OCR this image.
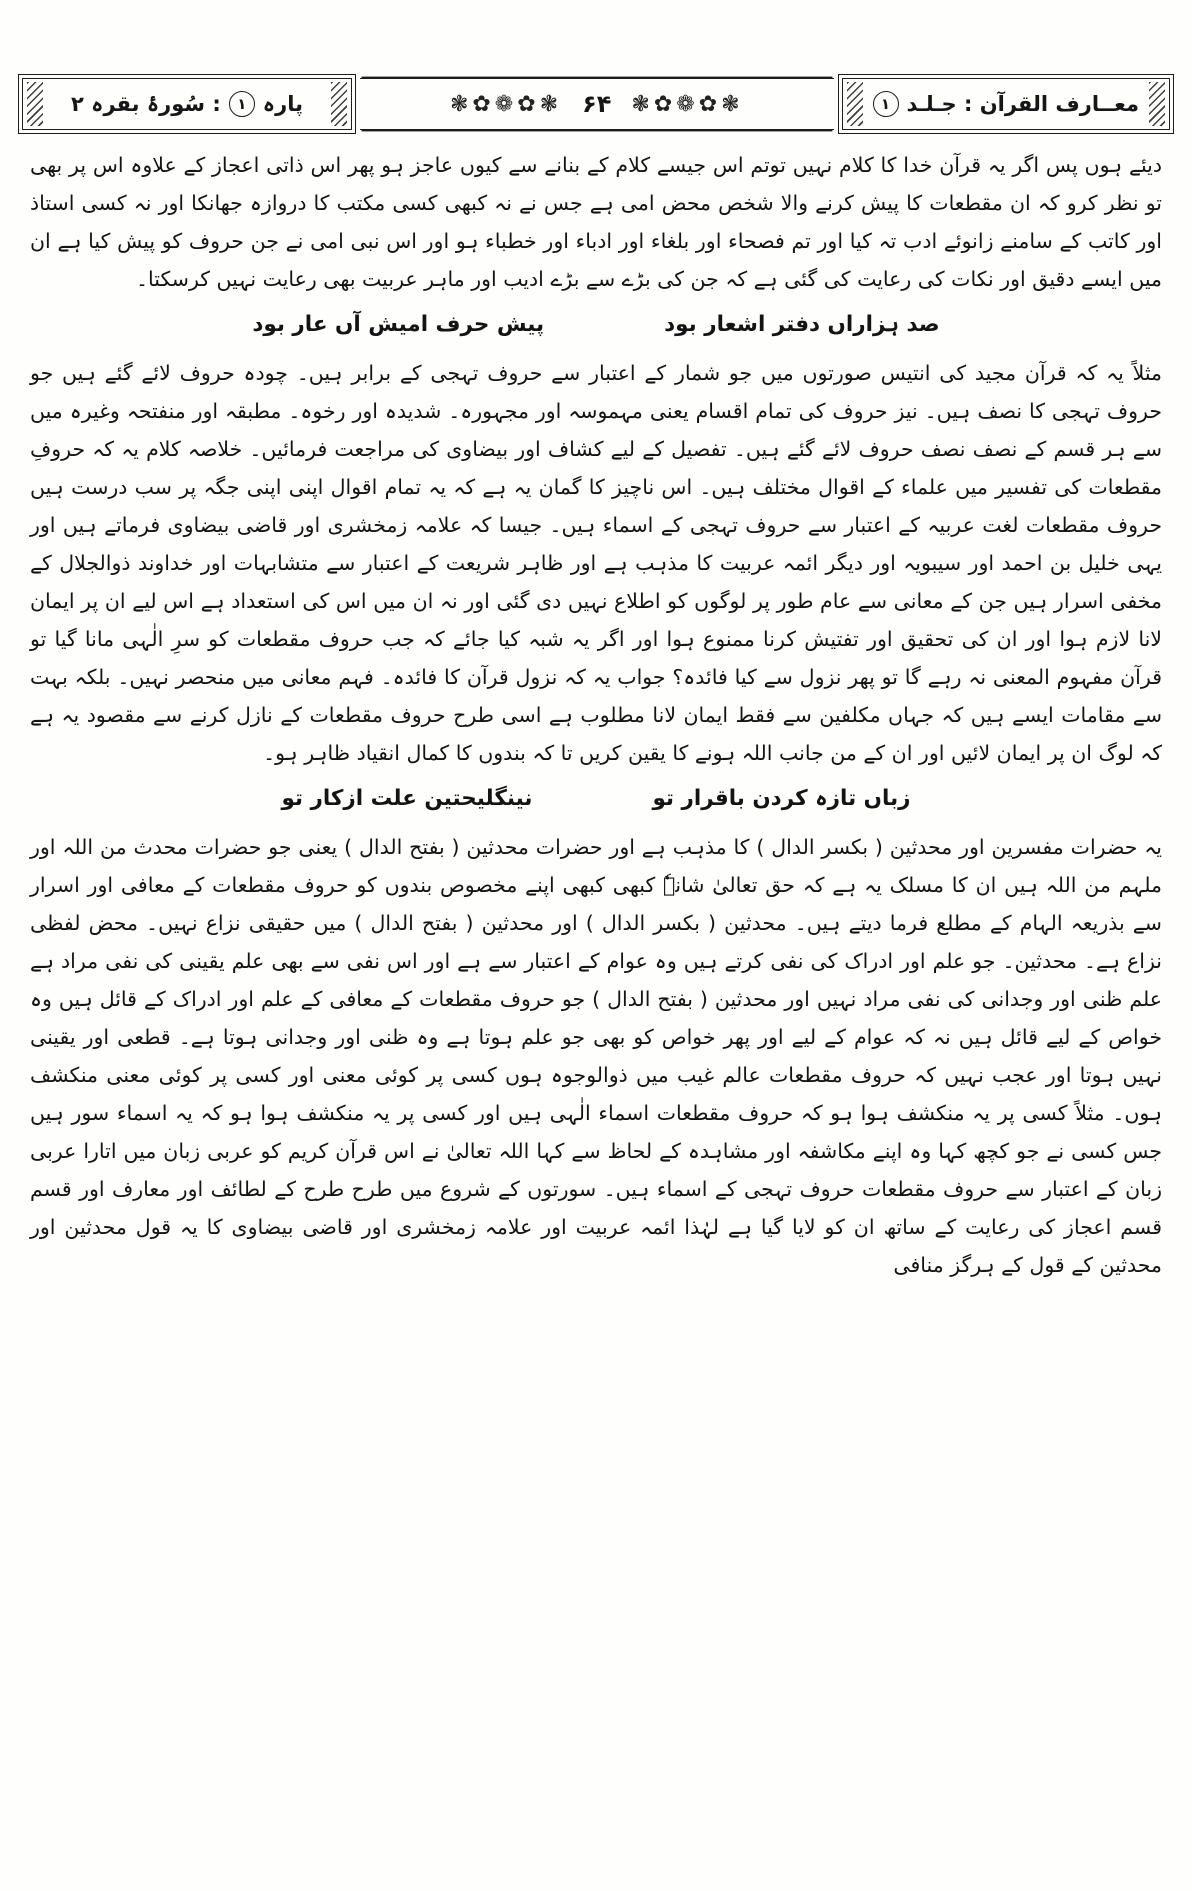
معــارف القرآن : جـلـد
۱
❃✿❁✿❃
۶۴
❃✿❁✿❃
پارہ
۱
: سُورۂ بقرہ ۲

دیئے ہوں پس اگر یہ قرآن خدا کا کلام نہیں توتم اس جیسے کلام کے بنانے سے کیوں عاجز ہو پھر اس ذاتی اعجاز کے علاوہ اس پر بھی تو نظر کرو کہ ان مقطعات کا پیش کرنے والا شخص محض امی ہے جس نے نہ کبھی کسی مکتب کا دروازہ جھانکا اور نہ کسی استاذ اور کاتب کے سامنے زانوئے ادب تہ کیا اور تم فصحاء اور بلغاء اور ادباء اور خطباء ہو اور اس نبی امی نے جن حروف کو پیش کیا ہے ان میں ایسے دقیق اور نکات کی رعایت کی گئی ہے کہ جن کی بڑے سے بڑے ادیب اور ماہر عربیت بھی رعایت نہیں کرسکتا۔

صد ہزاراں دفتر اشعار بود
پیش حرف امیش آں عار بود

مثلاً یہ کہ قرآن مجید کی انتیس صورتوں میں جو شمار کے اعتبار سے حروف تہجی کے برابر ہیں۔ چودہ حروف لائے گئے ہیں جو حروف تہجی کا نصف ہیں۔ نیز حروف کی تمام اقسام یعنی مہموسہ اور مجہورہ۔ شدیدہ اور رخوہ۔ مطبقہ اور منفتحہ وغیرہ میں سے ہر قسم کے نصف نصف حروف لائے گئے ہیں۔ تفصیل کے لیے کشاف اور بیضاوی کی مراجعت فرمائیں۔ خلاصہ کلام یہ کہ حروفِ مقطعات کی تفسیر میں علماء کے اقوال مختلف ہیں۔ اس ناچیز کا گمان یہ ہے کہ یہ تمام اقوال اپنی اپنی جگہ پر سب درست ہیں حروف مقطعات لغت عربیہ کے اعتبار سے حروف تہجی کے اسماء ہیں۔ جیسا کہ علامہ زمخشری اور قاضی بیضاوی فرماتے ہیں اور یہی خلیل بن احمد اور سیبویہ اور دیگر ائمہ عربیت کا مذہب ہے اور ظاہر شریعت کے اعتبار سے متشابہات اور خداوند ذوالجلال کے مخفی اسرار ہیں جن کے معانی سے عام طور پر لوگوں کو اطلاع نہیں دی گئی اور نہ ان میں اس کی استعداد ہے اس لیے ان پر ایمان لانا لازم ہوا اور ان کی تحقیق اور تفتیش کرنا ممنوع ہوا اور اگر یہ شبہ کیا جائے کہ جب حروف مقطعات کو سرِ الٰہی مانا گیا تو قرآن مفہوم المعنی نہ رہے گا تو پھر نزول سے کیا فائدہ؟ جواب یہ کہ نزول قرآن کا فائدہ۔ فہم معانی میں منحصر نہیں۔ بلکہ بہت سے مقامات ایسے ہیں کہ جہاں مکلفین سے فقط ایمان لانا مطلوب ہے اسی طرح حروف مقطعات کے نازل کرنے سے مقصود یہ ہے کہ لوگ ان پر ایمان لائیں اور ان کے من جانب اللہ ہونے کا یقین کریں تا کہ بندوں کا کمال انقیاد ظاہر ہو۔

زباں تازہ کردن باقرار تو
نینگلیحتین علت ازکار تو

یہ حضرات مفسرین اور محدثین ( بکسر الدال ) کا مذہب ہے اور حضرات محدثین ( بفتح الدال ) یعنی جو حضرات محدث من اللہ اور ملہم من اللہ ہیں ان کا مسلک یہ ہے کہ حق تعالیٰ شانہٗ کبھی کبھی اپنے مخصوص بندوں کو حروف مقطعات کے معافی اور اسرار سے بذریعہ الہام کے مطلع فرما دیتے ہیں۔ محدثین ( بکسر الدال ) اور محدثین ( بفتح الدال ) میں حقیقی نزاع نہیں۔ محض لفظی نزاع ہے۔ محدثین۔ جو علم اور ادراک کی نفی کرتے ہیں وہ عوام کے اعتبار سے ہے اور اس نفی سے بھی علم یقینی کی نفی مراد ہے علم ظنی اور وجدانی کی نفی مراد نہیں اور محدثین ( بفتح الدال ) جو حروف مقطعات کے معافی کے علم اور ادراک کے قائل ہیں وہ خواص کے لیے قائل ہیں نہ کہ عوام کے لیے اور پھر خواص کو بھی جو علم ہوتا ہے وہ ظنی اور وجدانی ہوتا ہے۔ قطعی اور یقینی نہیں ہوتا اور عجب نہیں کہ حروف مقطعات عالم غیب میں ذوالوجوہ ہوں کسی پر کوئی معنی اور کسی پر کوئی معنی منکشف ہوں۔ مثلاً کسی پر یہ منکشف ہوا ہو کہ حروف مقطعات اسماء الٰہی ہیں اور کسی پر یہ منکشف ہوا ہو کہ یہ اسماء سور ہیں جس کسی نے جو کچھ کہا وہ اپنے مکاشفہ اور مشاہدہ کے لحاظ سے کہا اللہ تعالیٰ نے اس قرآن کریم کو عربی زبان میں اتارا عربی زبان کے اعتبار سے حروف مقطعات حروف تہجی کے اسماء ہیں۔ سورتوں کے شروع میں طرح طرح کے لطائف اور معارف اور قسم قسم اعجاز کی رعایت کے ساتھ ان کو لایا گیا ہے لہٰذا ائمہ عربیت اور علامہ زمخشری اور قاضی بیضاوی کا یہ قول محدثین اور محدثین کے قول کے ہرگز منافی
